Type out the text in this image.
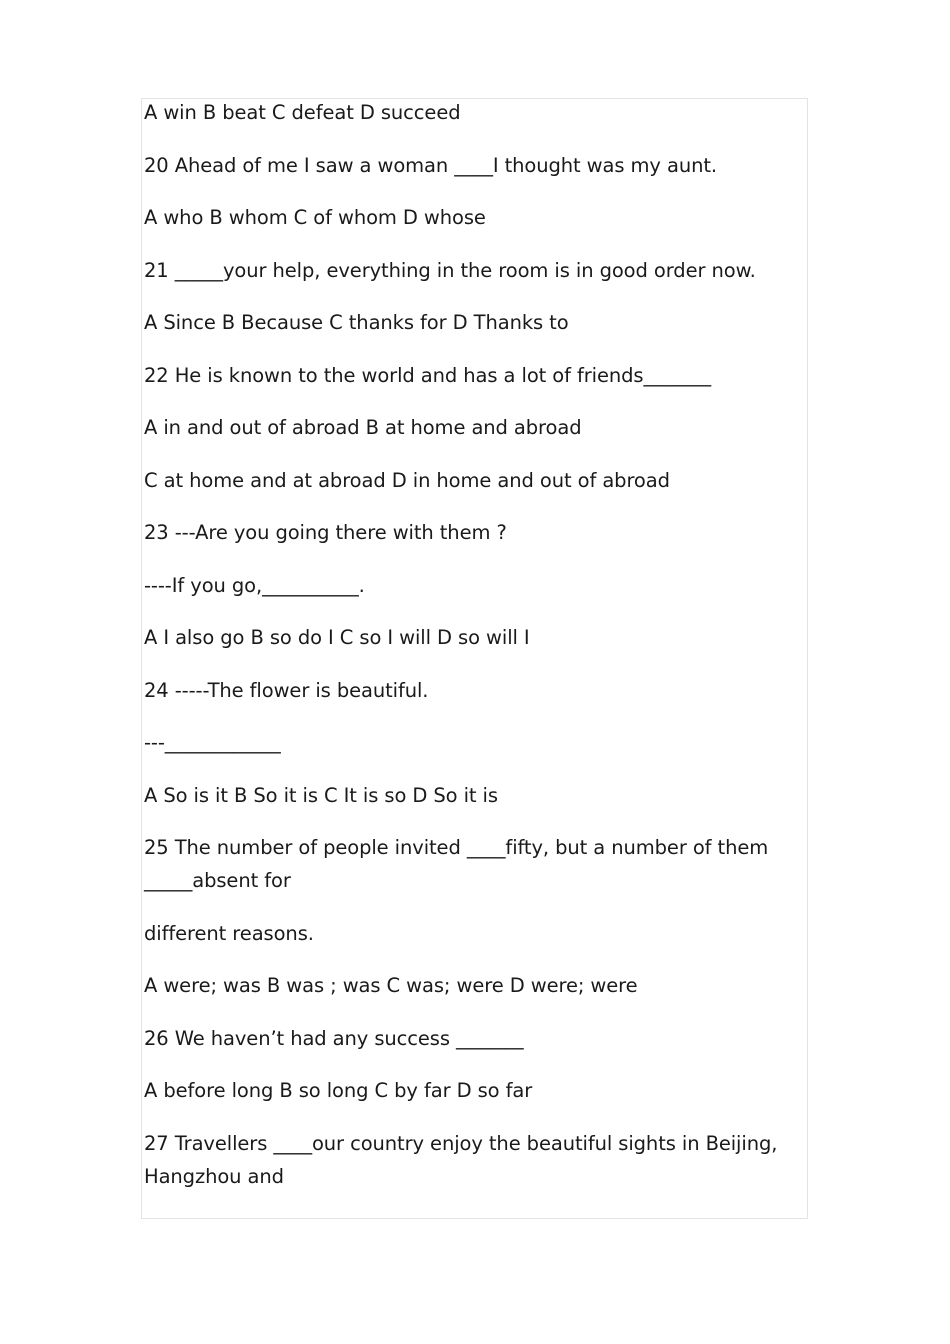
A win B beat C defeat D succeed

20 Ahead of me I saw a woman ____I thought was my aunt.

A who B whom C of whom D whose

21 _____your help, everything in the room is in good order now.

A Since B Because C thanks for D Thanks to

22 He is known to the world and has a lot of friends_______

A in and out of abroad B at home and abroad

C at home and at abroad D in home and out of abroad

23 ---Are you going there with them ?

----If you go,__________.

A I also go B so do I C so I will D so will I

24 -----The flower is beautiful.

---____________

A So is it B So it is C It is so D So it is

25 The number of people invited ____fifty, but a number of them _____absent for

different reasons.

A were; was B was ; was C was; were D were; were

26 We haven’t had any success _______

A before long B so long C by far D so far

27 Travellers ____our country enjoy the beautiful sights in Beijing, Hangzhou and
